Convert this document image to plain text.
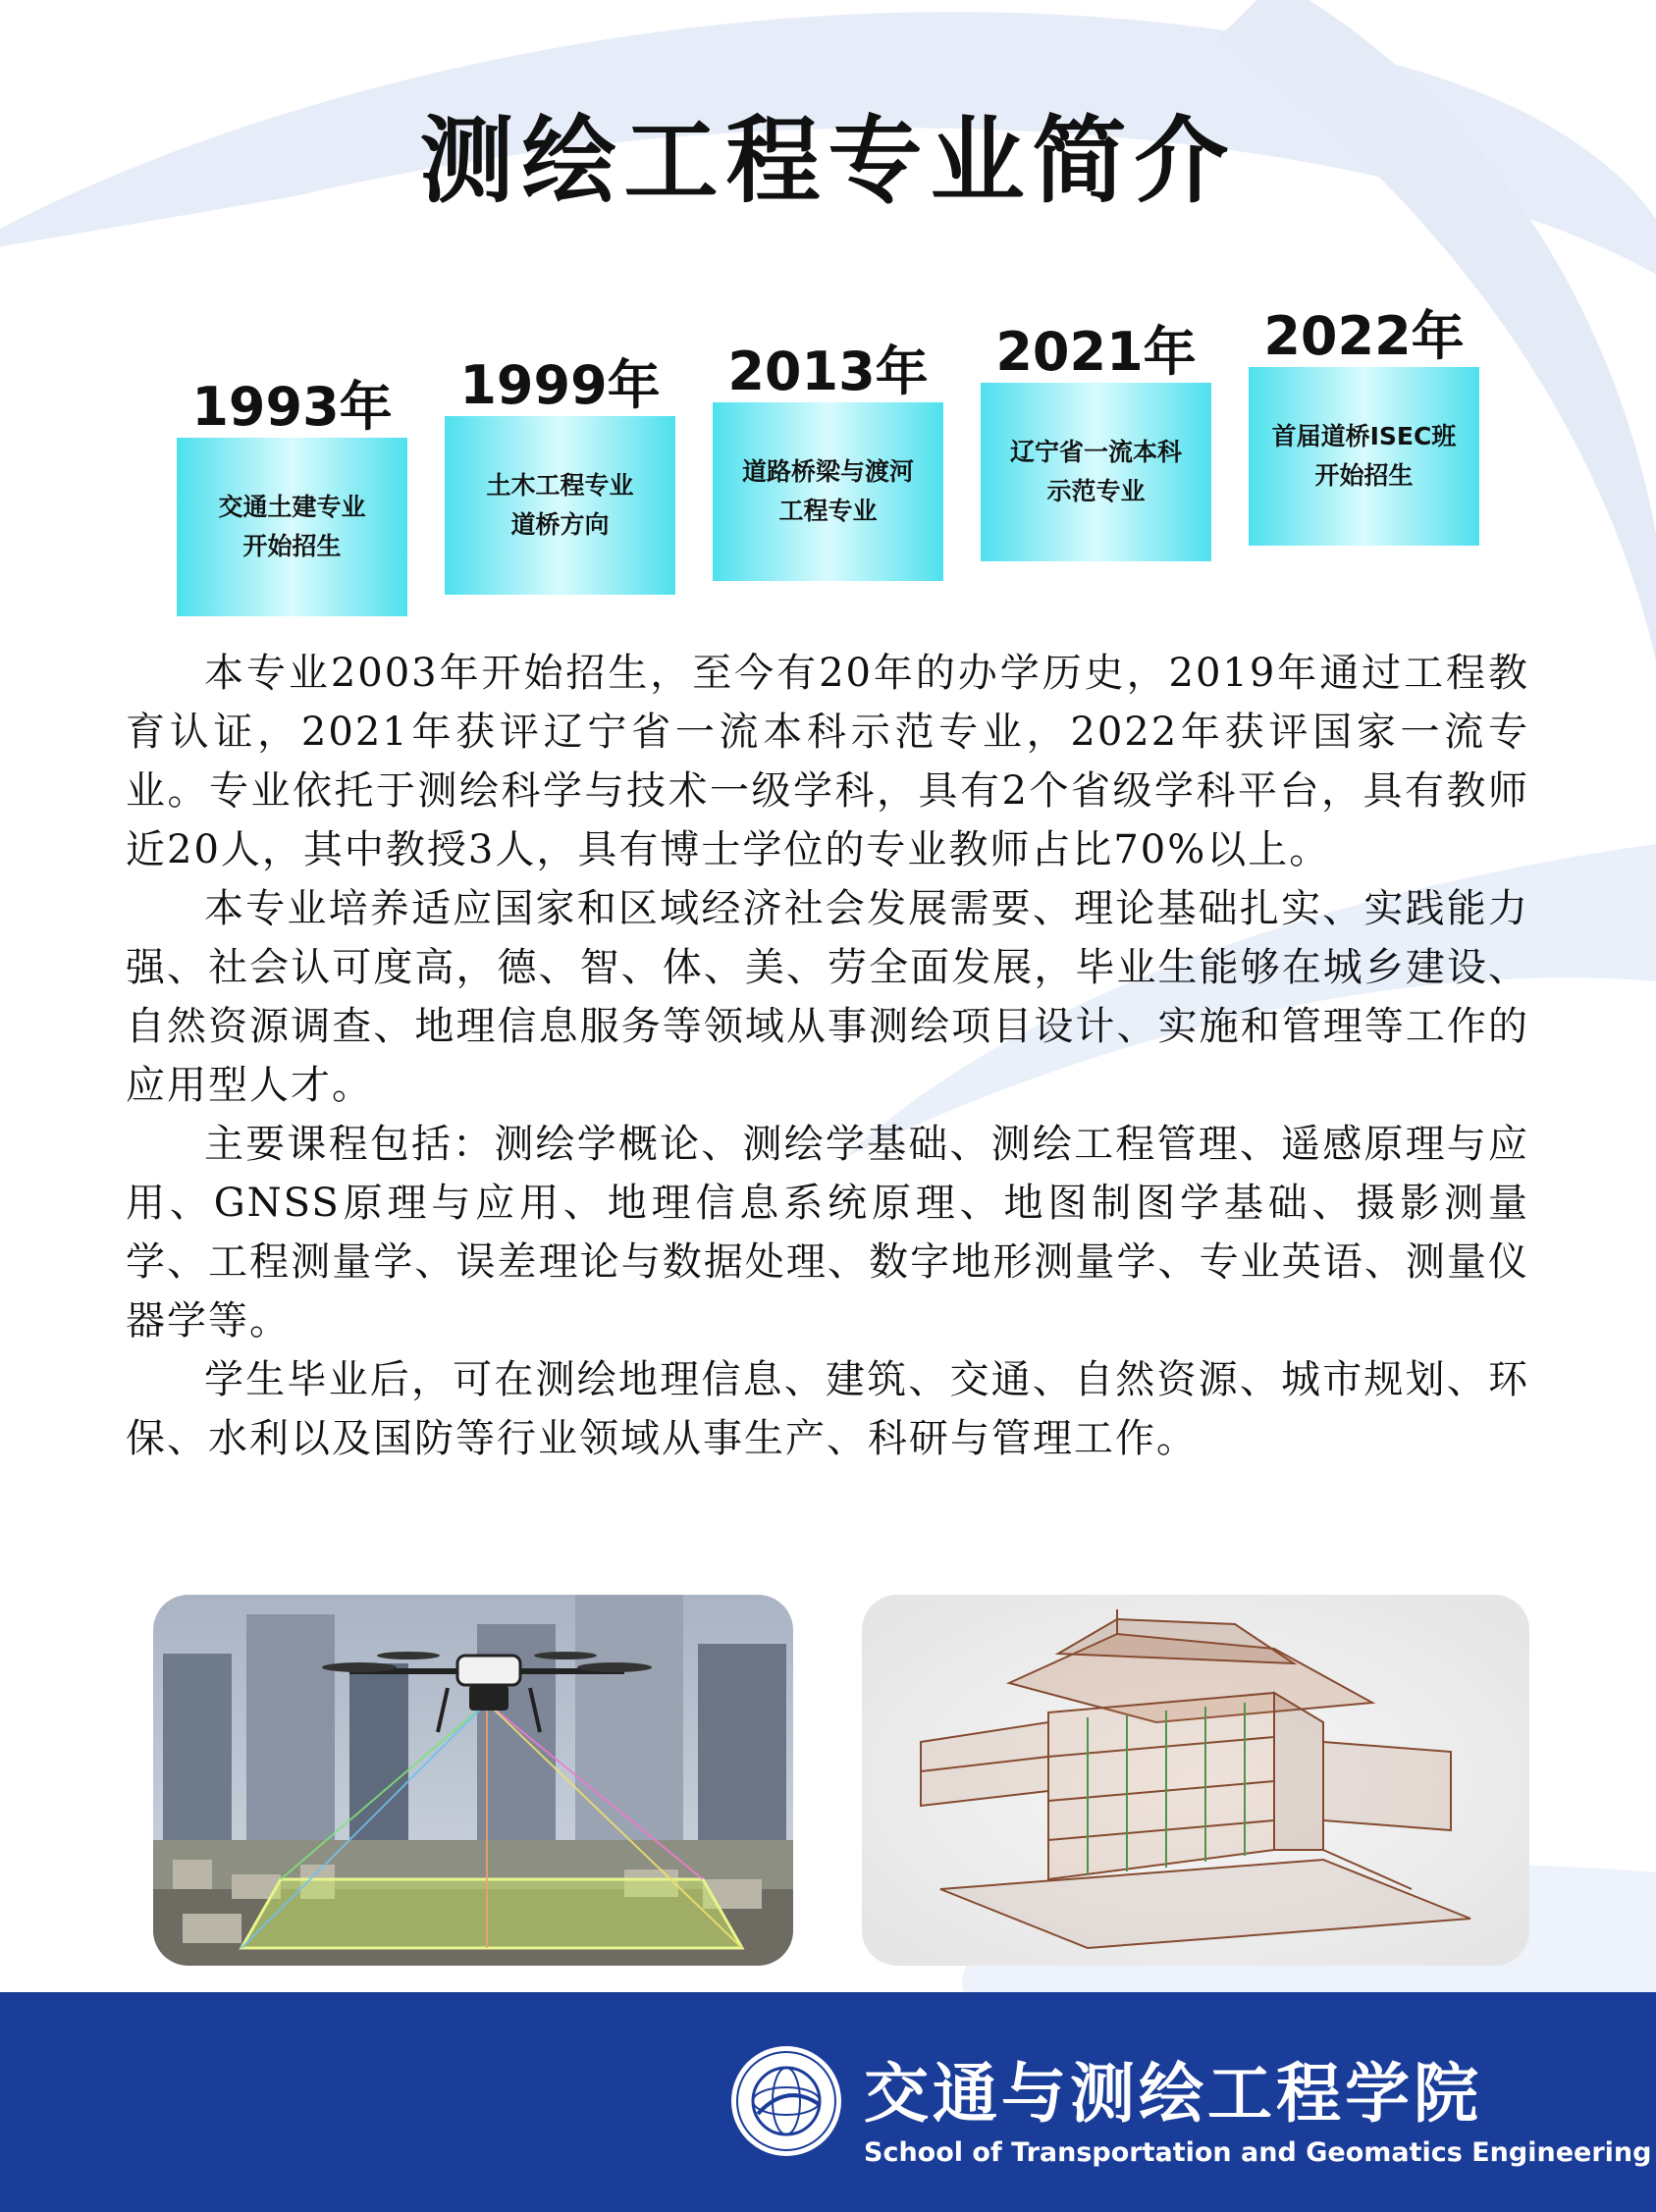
测绘工程专业简介
1993年
交通土建专业
开始招生
1999年
土木工程专业
道桥方向
2013年
道路桥梁与渡河
工程专业
2021年
辽宁省一流本科
示范专业
2022年
首届道桥ISEC班
开始招生

本专业2003年开始招生，至今有20年的办学历史，2019年通过工程教育认证，2021年获评辽宁省一流本科示范专业，2022年获评国家一流专业。专业依托于测绘科学与技术一级学科，具有2个省级学科平台，具有教师近20人，其中教授3人，具有博士学位的专业教师占比70%以上。

本专业培养适应国家和区域经济社会发展需要、理论基础扎实、实践能力强、社会认可度高，德、智、体、美、劳全面发展，毕业生能够在城乡建设、自然资源调查、地理信息服务等领域从事测绘项目设计、实施和管理等工作的应用型人才。

主要课程包括：测绘学概论、测绘学基础、测绘工程管理、遥感原理与应用、GNSS原理与应用、地理信息系统原理、地图制图学基础、摄影测量学、工程测量学、误差理论与数据处理、数字地形测量学、专业英语、测量仪器学等。

学生毕业后，可在测绘地理信息、建筑、交通、自然资源、城市规划、环保、水利以及国防等行业领域从事生产、科研与管理工作。

交通与测绘工程学院
School of Transportation and Geomatics Engineering
